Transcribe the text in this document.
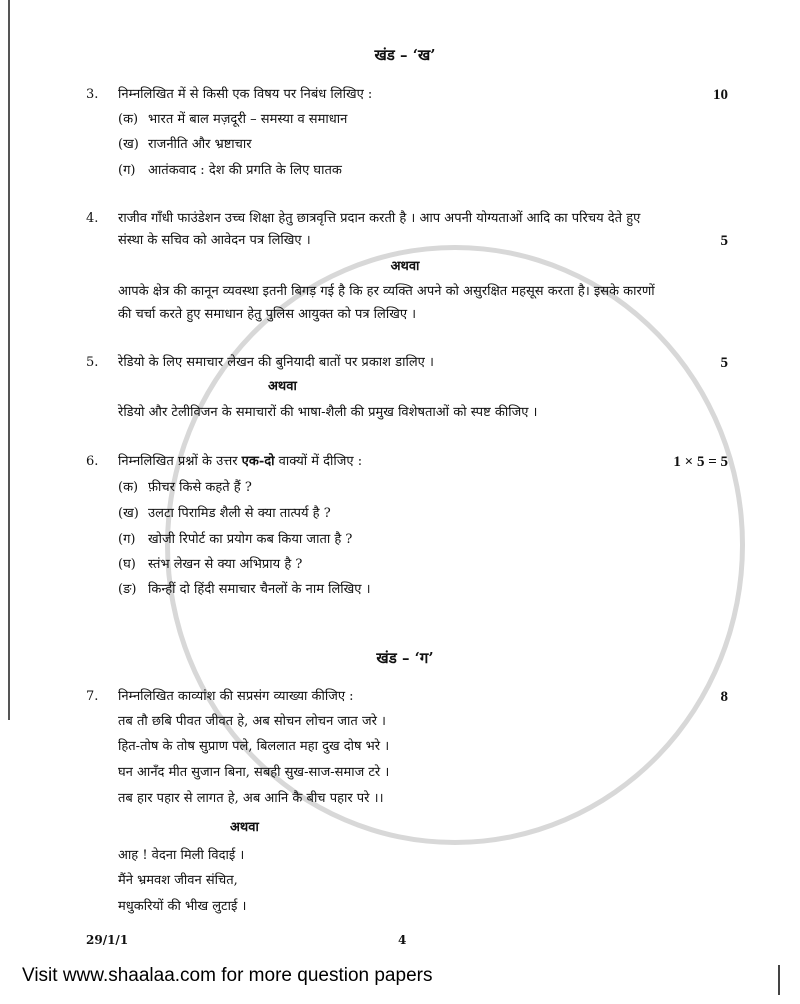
खंड – ‘ख’
3. निम्नलिखित में से किसी एक विषय पर निबंध लिखिए :	10
(क) भारत में बाल मज़दूरी – समस्या व समाधान
(ख) राजनीति और भ्रष्टाचार
(ग) आतंकवाद : देश की प्रगति के लिए घातक
4. राजीव गाँधी फाउंडेशन उच्च शिक्षा हेतु छात्रवृत्ति प्रदान करती है । आप अपनी योग्यताओं आदि का परिचय देते हुए
संस्था के सचिव को आवेदन पत्र लिखिए ।	5
अथवा
आपके क्षेत्र की कानून व्यवस्था इतनी बिगड़ गई है कि हर व्यक्ति अपने को असुरक्षित महसूस करता है। इसके कारणों
की चर्चा करते हुए समाधान हेतु पुलिस आयुक्त को पत्र लिखिए ।
5. रेडियो के लिए समाचार लेखन की बुनियादी बातों पर प्रकाश डालिए ।	5
अथवा
रेडियो और टेलीविजन के समाचारों की भाषा-शैली की प्रमुख विशेषताओं को स्पष्ट कीजिए ।
6. निम्नलिखित प्रश्नों के उत्तर एक-दो वाक्यों में दीजिए :	1 × 5 = 5
(क) फ़ीचर किसे कहते हैं ?
(ख) उलटा पिरामिड शैली से क्या तात्पर्य है ?
(ग) खोजी रिपोर्ट का प्रयोग कब किया जाता है ?
(घ) स्तंभ लेखन से क्या अभिप्राय है ?
(ङ) किन्हीं दो हिंदी समाचार चैनलों के नाम लिखिए ।
खंड – ‘ग’
7. निम्नलिखित काव्यांश की सप्रसंग व्याख्या कीजिए :	8
तब तौ छबि पीवत जीवत हे, अब सोचन लोचन जात जरे ।
हित-तोष के तोष सुप्राण पले, बिललात महा दुख दोष भरे ।
घन आनँद मीत सुजान बिना, सबही सुख-साज-समाज टरे ।
तब हार पहार से लागत हे, अब आनि कै बीच पहार परे ।।
अथवा
आह ! वेदना मिली विदाई ।
मैंने भ्रमवश जीवन संचित,
मधुकरियों की भीख लुटाई ।
29/1/1	4
Visit www.shaalaa.com for more question papers
